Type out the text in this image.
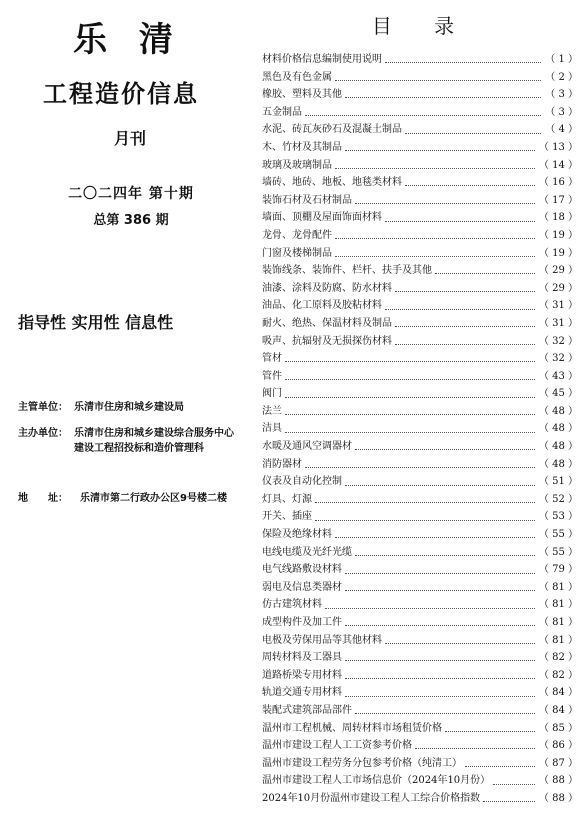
乐 清
工程造价信息
月刊
二〇二四年 第十期
总第 386 期
指导性 实用性 信息性
主管单位： 乐清市住房和城乡建设局
主办单位： 乐清市住房和城乡建设综合服务中心
建设工程招投标和造价管理科
地　　址： 乐清市第二行政办公区9号楼二楼
目 录
材料价格信息编制使用说明	（ 1 ）
黑色及有色金属	（ 2 ）
橡胶、塑料及其他	（ 3 ）
五金制品	（ 3 ）
水泥、砖瓦灰砂石及混凝土制品	（ 4 ）
木、竹材及其制品	（ 13 ）
玻璃及玻璃制品	（ 14 ）
墙砖、地砖、地板、地毯类材料	（ 16 ）
装饰石材及石材制品	（ 17 ）
墙面、顶棚及屋面饰面材料	（ 18 ）
龙骨、龙骨配件	（ 19 ）
门窗及楼梯制品	（ 19 ）
装饰线条、装饰件、栏杆、扶手及其他	（ 29 ）
油漆、涂料及防腐、防水材料	（ 29 ）
油品、化工原料及胶粘材料	（ 31 ）
耐火、绝热、保温材料及制品	（ 31 ）
吸声、抗辐射及无损探伤材料	（ 32 ）
管材	（ 32 ）
管件	（ 43 ）
阀门	（ 45 ）
法兰	（ 48 ）
洁具	（ 48 ）
水暖及通风空调器材	（ 48 ）
消防器材	（ 48 ）
仪表及自动化控制	（ 51 ）
灯具、灯源	（ 52 ）
开关、插座	（ 53 ）
保险及绝缘材料	（ 55 ）
电线电缆及光纤光缆	（ 55 ）
电气线路敷设材料	（ 79 ）
弱电及信息类器材	（ 81 ）
仿古建筑材料	（ 81 ）
成型构件及加工件	（ 81 ）
电极及劳保用品等其他材料	（ 81 ）
周转材料及工器具	（ 82 ）
道路桥梁专用材料	（ 82 ）
轨道交通专用材料	（ 84 ）
装配式建筑部品部件	（ 84 ）
温州市工程机械、周转材料市场租赁价格	（ 85 ）
温州市建设工程人工工资参考价格	（ 86 ）
温州市建设工程劳务分包参考价格（纯清工）	（ 87 ）
温州市建设工程人工市场信息价（2024年10月份）	（ 88 ）
2024年10月份温州市建设工程人工综合价格指数	（ 88 ）
